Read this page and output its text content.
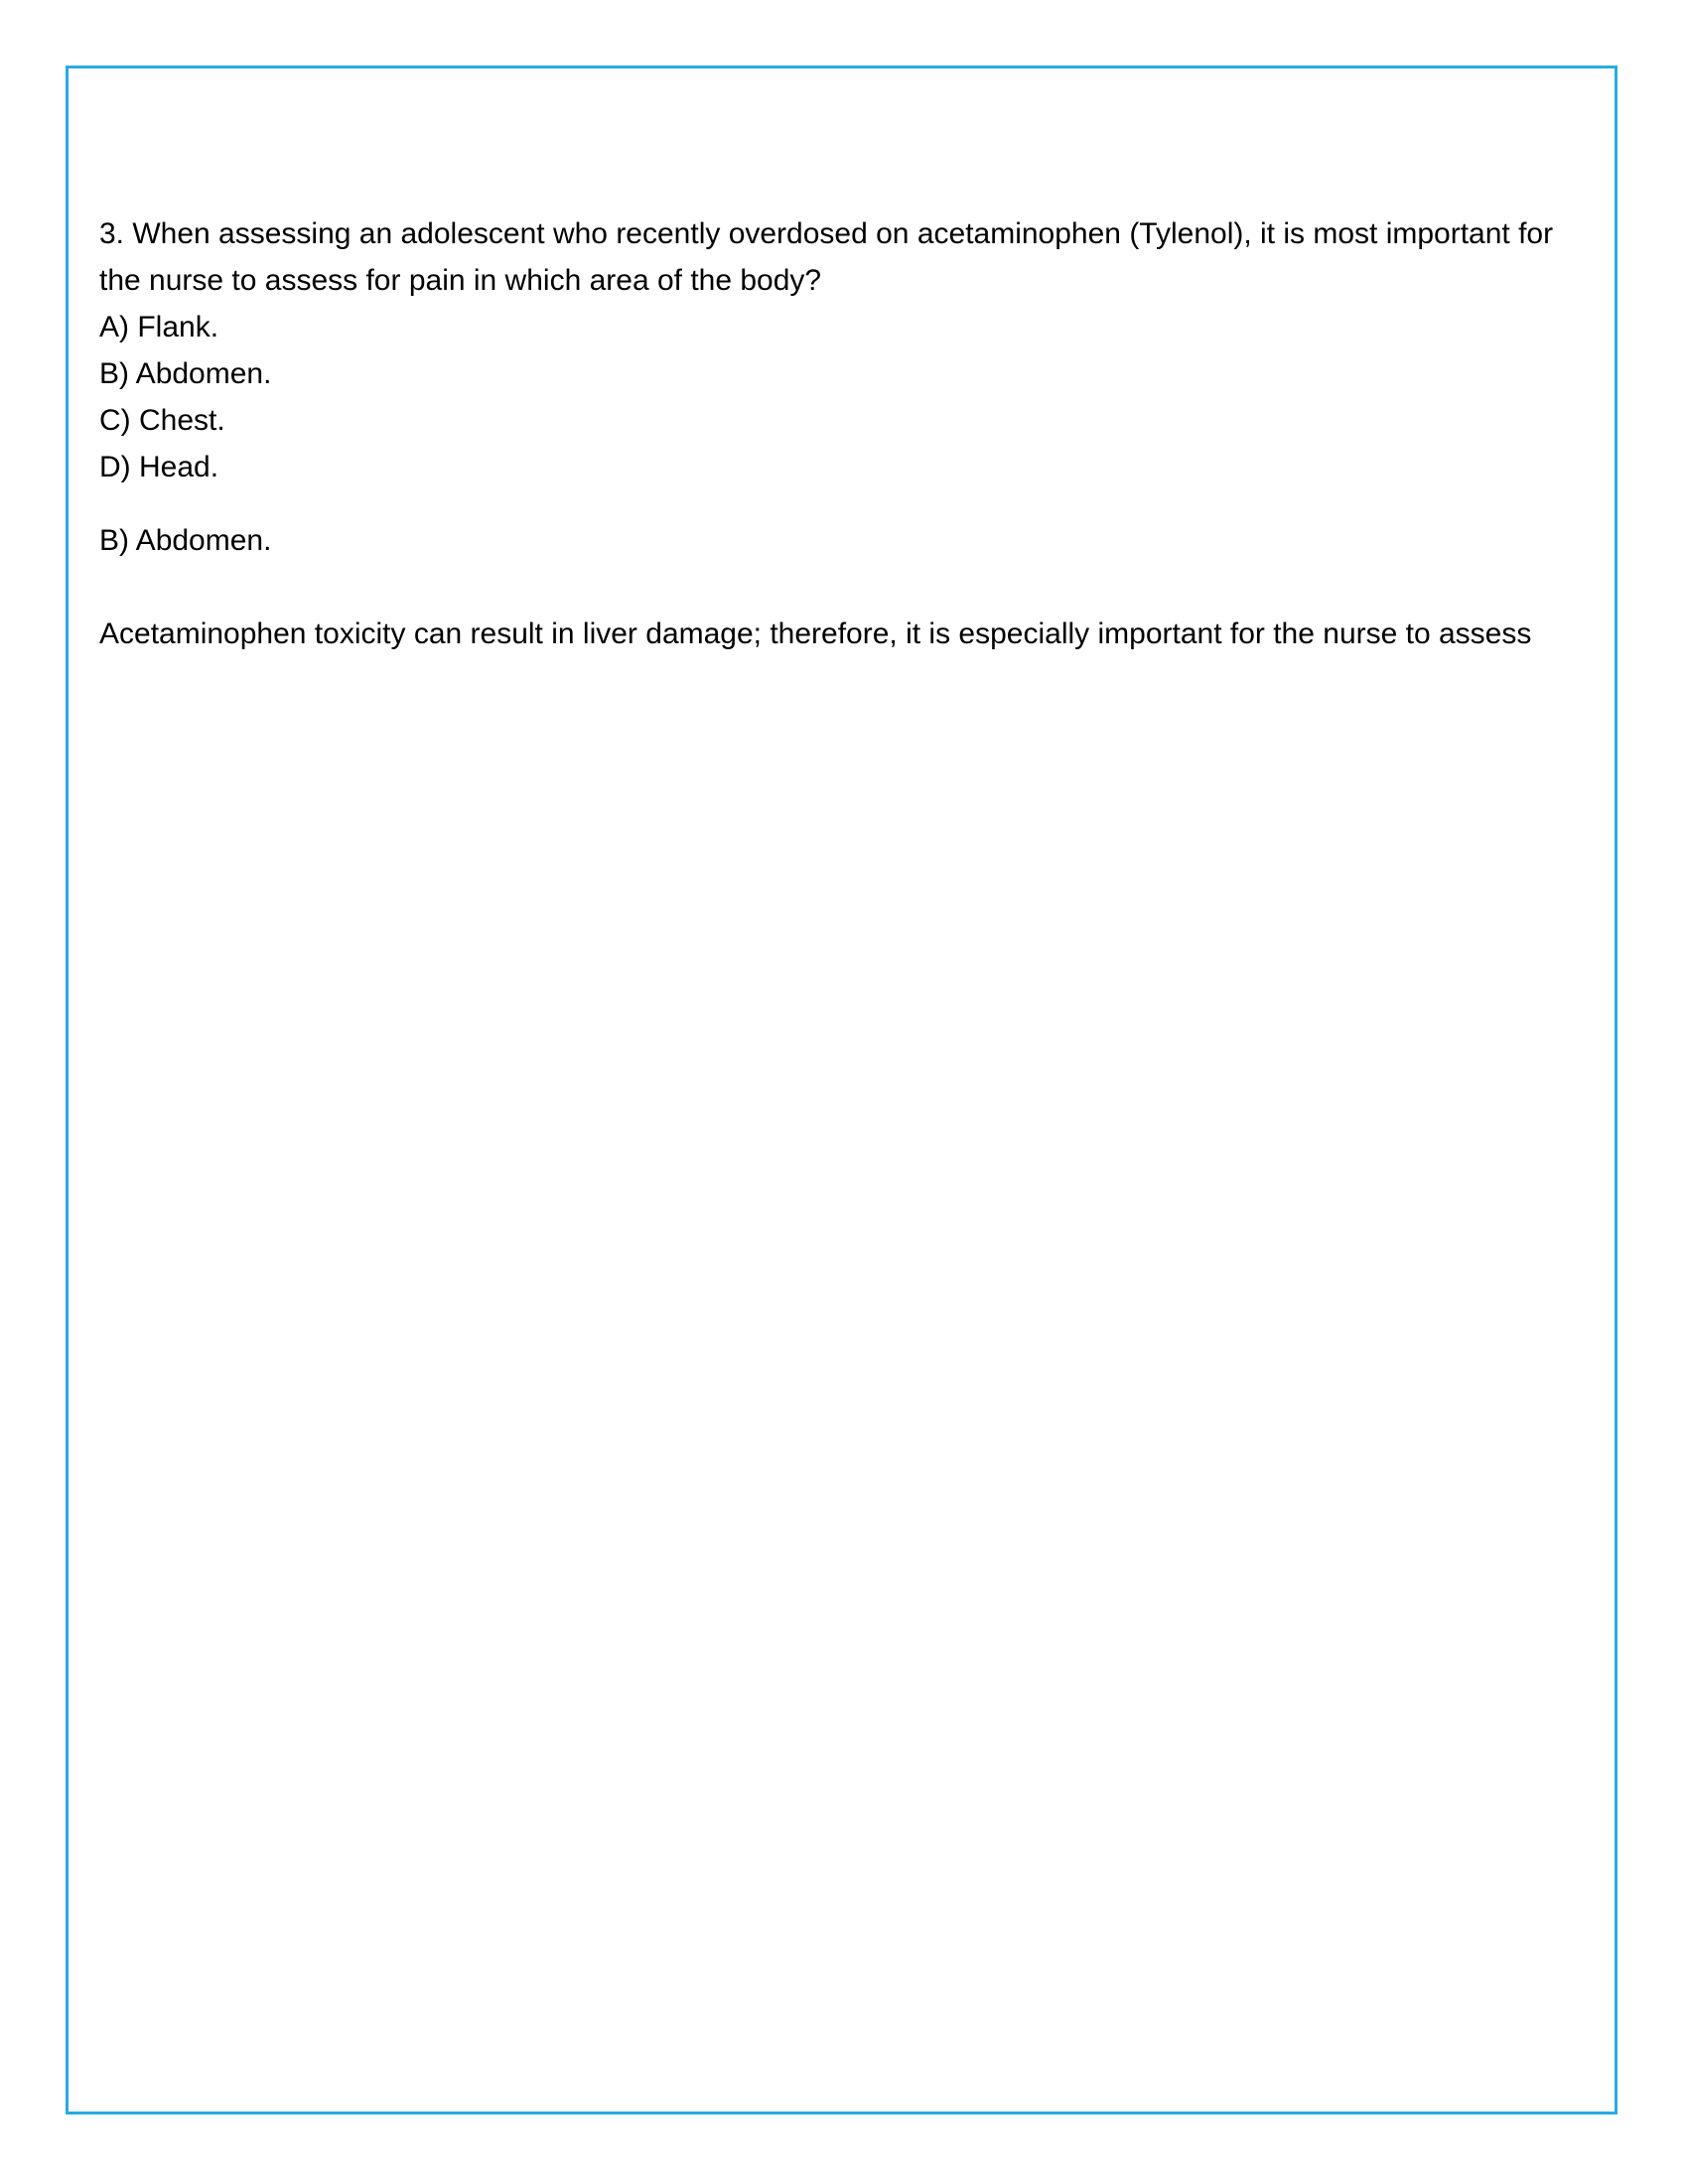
3. When assessing an adolescent who recently overdosed on acetaminophen (Tylenol), it is most important for the nurse to assess for pain in which area of the body?

A) Flank.
B) Abdomen.
C) Chest.
D) Head.

B) Abdomen.

Acetaminophen toxicity can result in liver damage; therefore, it is especially important for the nurse to assess
